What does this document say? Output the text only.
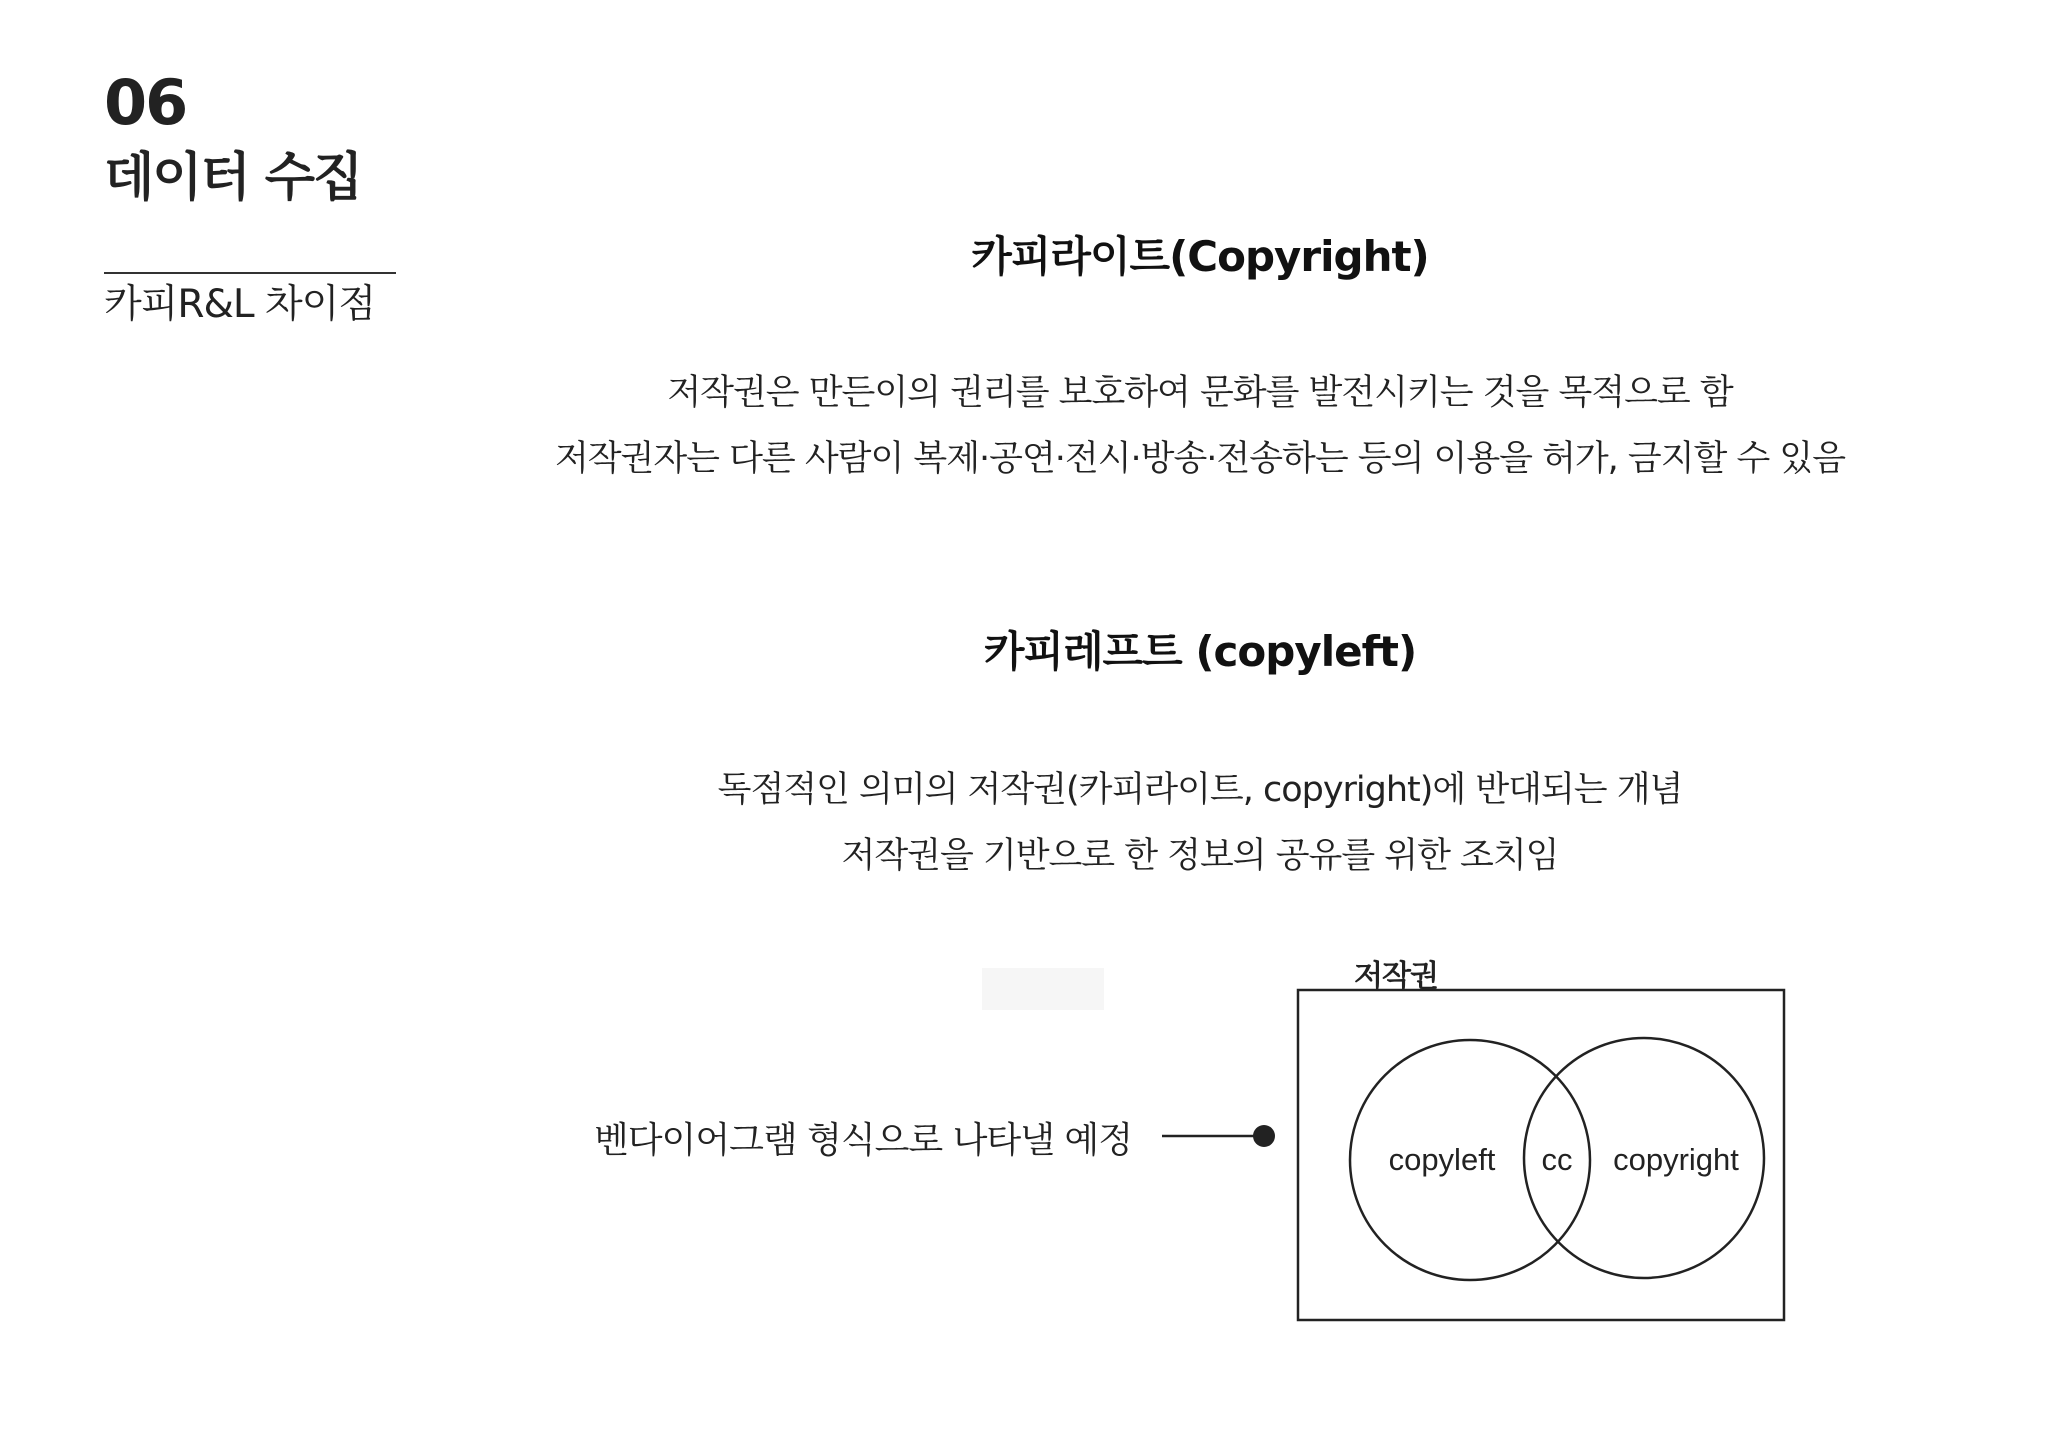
06
데이터 수집
카피R&L 차이점
카피라이트(Copyright)
저작권은 만든이의 권리를 보호하여 문화를 발전시키는 것을 목적으로 함
저작권자는 다른 사람이 복제·공연·전시·방송·전송하는 등의 이용을 허가, 금지할 수 있음
카피레프트 (copyleft)
독점적인 의미의 저작권(카피라이트, copyright)에 반대되는 개념
저작권을 기반으로 한 정보의 공유를 위한 조치임
벤다이어그램 형식으로 나타낼 예정	copyleft cc copyright
저작권
